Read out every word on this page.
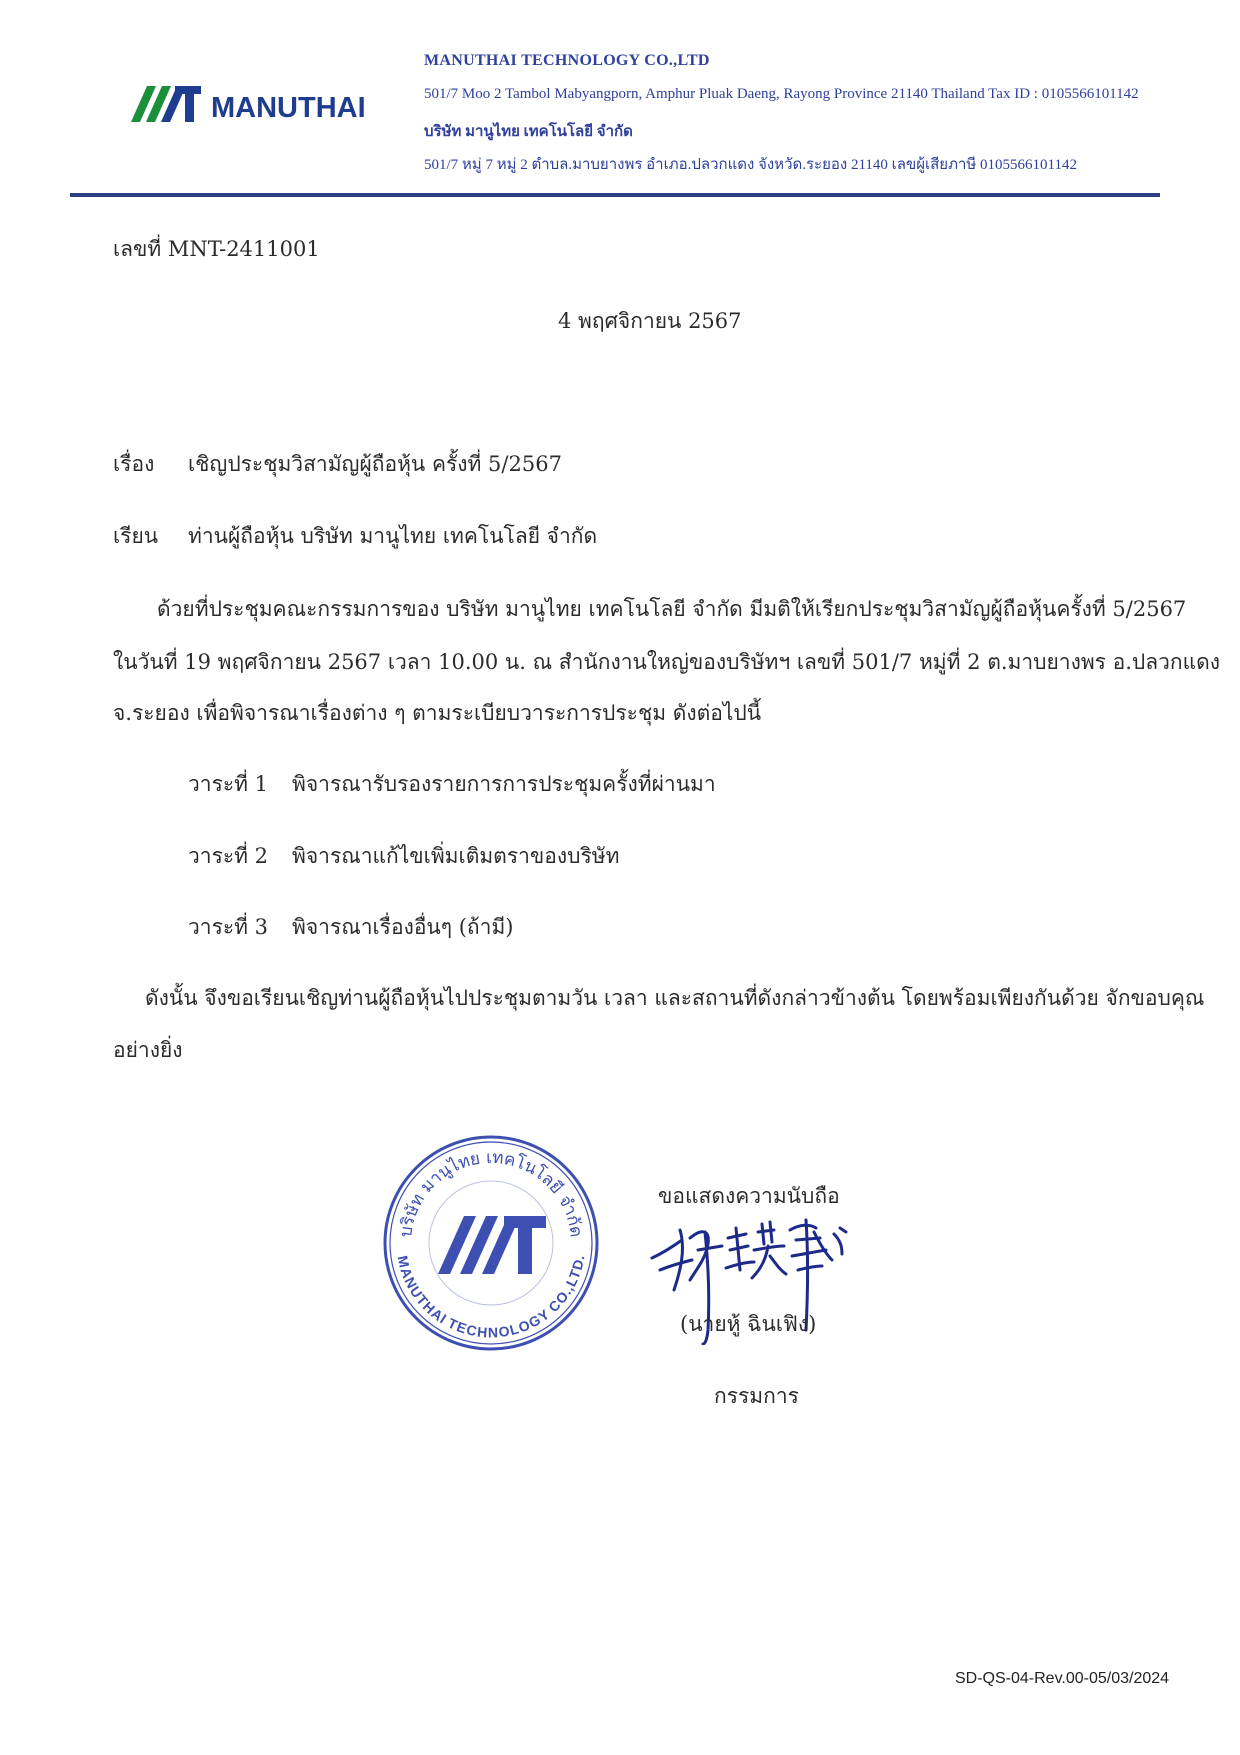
MANUTHAI
MANUTHAI TECHNOLOGY CO.,LTD
501/7 Moo 2 Tambol Mabyangporn, Amphur Pluak Daeng, Rayong Province 21140 Thailand Tax ID : 0105566101142
บริษัท มานูไทย เทคโนโลยี จำกัด
501/7 หมู่ 7 หมู่ 2 ตำบล.มาบยางพร อำเภอ.ปลวกแดง จังหวัด.ระยอง 21140 เลขผู้เสียภาษี 0105566101142
เลขที่ MNT-2411001
4 พฤศจิกายน 2567
เรื่อง เชิญประชุมวิสามัญผู้ถือหุ้น ครั้งที่ 5/2567
เรียน ท่านผู้ถือหุ้น บริษัท มานูไทย เทคโนโลยี จำกัด
ด้วยที่ประชุมคณะกรรมการของ บริษัท มานูไทย เทคโนโลยี จำกัด มีมติให้เรียกประชุมวิสามัญผู้ถือหุ้นครั้งที่ 5/2567
ในวันที่ 19 พฤศจิกายน 2567 เวลา 10.00 น. ณ สำนักงานใหญ่ของบริษัทฯ เลขที่ 501/7 หมู่ที่ 2 ต.มาบยางพร อ.ปลวกแดง
จ.ระยอง เพื่อพิจารณาเรื่องต่าง ๆ ตามระเบียบวาระการประชุม ดังต่อไปนี้
วาระที่ 1 พิจารณารับรองรายการการประชุมครั้งที่ผ่านมา
วาระที่ 2 พิจารณาแก้ไขเพิ่มเติมตราของบริษัท
วาระที่ 3 พิจารณาเรื่องอื่นๆ (ถ้ามี)
ดังนั้น จึงขอเรียนเชิญท่านผู้ถือหุ้นไปประชุมตามวัน เวลา และสถานที่ดังกล่าวข้างต้น โดยพร้อมเพียงกันด้วย จักขอบคุณ
อย่างยิ่ง
บริษัท มานูไทย เทคโนโลยี จำกัด
MANUTHAI TECHNOLOGY CO.,LTD.
ขอแสดงความนับถือ
(นายหู้ ฉินเฟิง)
กรรมการ
SD-QS-04-Rev.00-05/03/2024
